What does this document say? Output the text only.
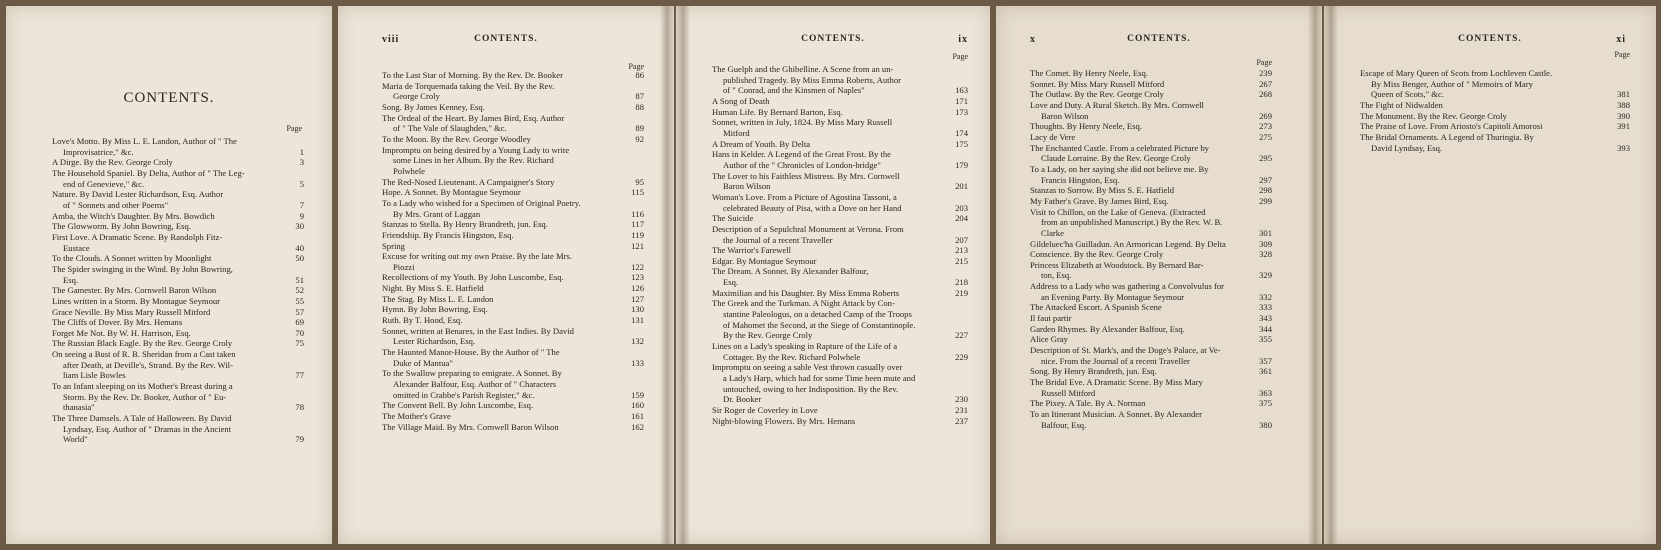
CONTENTS.
Page
Love's Motto. By Miss L. E. Landon, Author of " The
Improvisatrice," &c.	1
A Dirge. By the Rev. George Croly	3
The Household Spaniel. By Delta, Author of " The Leg-
end of Genevieve," &c.	5
Nature. By David Lester Richardson, Esq. Author
of " Sonnets and other Poems"	7
Amba, the Witch's Daughter. By Mrs. Bowdich	9
The Glowworm. By John Bowring, Esq.	30
First Love. A Dramatic Scene. By Randolph Fitz-
Eustace	40
To the Clouds. A Sonnet written by Moonlight	50
The Spider swinging in the Wind. By John Bowring,
Esq.	51
The Gamester. By Mrs. Cornwell Baron Wilson	52
Lines written in a Storm. By Montague Seymour	55
Grace Neville. By Miss Mary Russell Mitford	57
The Cliffs of Dover. By Mrs. Hemans	69
Forget Me Not. By W. H. Harrison, Esq.	70
The Russian Black Eagle. By the Rev. George Croly	75
On seeing a Bust of R. B. Sheridan from a Cast taken
after Death, at Deville's, Strand. By the Rev. Wil-
liam Lisle Bowles	77
To an Infant sleeping on its Mother's Breast during a
Storm. By the Rev. Dr. Booker, Author of " Eu-
thanasia"	78
The Three Damsels. A Tale of Halloween. By David
Lyndsay, Esq. Author of " Dramas in the Ancient
World"	79
viii	CONTENTS.
Page
To the Last Star of Morning. By the Rev. Dr. Booker	86
Maria de Torquemada taking the Veil. By the Rev.
George Croly	87
Song. By James Kenney, Esq.	88
The Ordeal of the Heart. By James Bird, Esq. Author
of " The Vale of Slaughden," &c.	89
To the Moon. By the Rev. George Woodley	92
Impromptu on being desired by a Young Lady to write
some Lines in her Album. By the Rev. Richard
Polwhele
The Red-Nosed Lieutenant. A Campaigner's Story	95
Hope. A Sonnet. By Montague Seymour	115
To a Lady who wished for a Specimen of Original Poetry.
By Mrs. Grant of Laggan	116
Stanzas to Stella. By Henry Brandreth, jun. Esq.	117
Friendship. By Francis Hingston, Esq.	119
Spring	121
Excuse for writing out my own Praise. By the late Mrs.
Piozzi	122
Recollections of my Youth. By John Luscombe, Esq.	123
Night. By Miss S. E. Hatfield	126
The Stag. By Miss L. E. Landon	127
Hymn. By John Bowring, Esq.	130
Ruth. By T. Hood, Esq.	131
Sonnet, written at Benares, in the East Indies. By David
Lester Richardson, Esq.	132
The Haunted Manor-House. By the Author of " The
Duke of Mantua"	133
To the Swallow preparing to emigrate. A Sonnet. By
Alexander Balfour, Esq. Author of " Characters
omitted in Crabbe's Parish Register," &c.	159
The Convent Bell. By John Luscombe, Esq.	160
The Mother's Grave	161
The Village Maid. By Mrs. Cornwell Baron Wilson	162
CONTENTS.	ix
Page
The Guelph and the Ghibelline. A Scene from an un-
published Tragedy. By Miss Emma Roberts, Author
of " Conrad, and the Kinsmen of Naples"	163
A Song of Death	171
Human Life. By Bernard Barton, Esq.	173
Sonnet, written in July, 1824. By Miss Mary Russell
Mitford	174
A Dream of Youth. By Delta	175
Hans in Kelder. A Legend of the Great Frost. By the
Author of the " Chronicles of London-bridge"	179
The Lover to his Faithless Mistress. By Mrs. Cornwell
Baron Wilson	201
Woman's Love. From a Picture of Agostina Tassoni, a
celebrated Beauty of Pisa, with a Dove on her Hand	203
The Suicide	204
Description of a Sepulchral Monument at Verona. From
the Journal of a recent Traveller	207
The Warrior's Farewell	213
Edgar. By Montague Seymour	215
The Dream. A Sonnet. By Alexander Balfour,
Esq.	218
Maximilian and his Daughter. By Miss Emma Roberts	219
The Greek and the Turkman. A Night Attack by Con-
stantine Paleologus, on a detached Camp of the Troops
of Mahomet the Second, at the Siege of Constantinople.
By the Rev. George Croly	227
Lines on a Lady's speaking in Rapture of the Life of a
Cottager. By the Rev. Richard Polwhele	229
Impromptu on seeing a sable Vest thrown casually over
a Lady's Harp, which had for some Time been mute and
untouched, owing to her Indisposition. By the Rev.
Dr. Booker	230
Sir Roger de Coverley in Love	231
Night-blowing Flowers. By Mrs. Hemans	237
x	CONTENTS.
Page
The Comet. By Henry Neele, Esq.	239
Sonnet. By Miss Mary Russell Mitford	267
The Outlaw. By the Rev. George Croly	268
Love and Duty. A Rural Sketch. By Mrs. Cornwell
Baron Wilson	269
Thoughts. By Henry Neele, Esq.	273
Lacy de Vere	275
The Enchanted Castle. From a celebrated Picture by
Claude Lorraine. By the Rev. George Croly	295
To a Lady, on her saying she did not believe me. By
Francis Hingston, Esq.	297
Stanzas to Sorrow. By Miss S. E. Hatfield	298
My Father's Grave. By James Bird, Esq.	299
Visit to Chillon, on the Lake of Geneva. (Extracted
from an unpublished Manuscript.) By the Rev. W. B.
Clarke	301
Gildeluec'ha Guilladun. An Armorican Legend. By Delta	309
Conscience. By the Rev. George Croly	328
Princess Elizabeth at Woodstock. By Bernard Bar-
ton, Esq.	329
Address to a Lady who was gathering a Convolvulus for
an Evening Party. By Montague Seymour	332
The Attacked Escort. A Spanish Scene	333
Il faut partir	343
Garden Rhymes. By Alexander Balfour, Esq.	344
Alice Gray	355
Description of St. Mark's, and the Doge's Palace, at Ve-
nice. From the Journal of a recent Traveller	357
Song. By Henry Brandreth, jun. Esq.	361
The Bridal Eve. A Dramatic Scene. By Miss Mary
Russell Mitford	363
The Pixey. A Tale. By A. Norman	375
To an Itinerant Musician. A Sonnet. By Alexander
Balfour, Esq.	380
CONTENTS.	xi
Page
Escape of Mary Queen of Scots from Lochleven Castle.
By Miss Benger, Author of " Memoirs of Mary
Queen of Scots," &c.	381
The Fight of Nidwalden	388
The Monument. By the Rev. George Croly	390
The Praise of Love. From Ariosto's Capitoli Amorosi	391
The Bridal Ornaments. A Legend of Thuringia. By
David Lyndsay, Esq.	393
